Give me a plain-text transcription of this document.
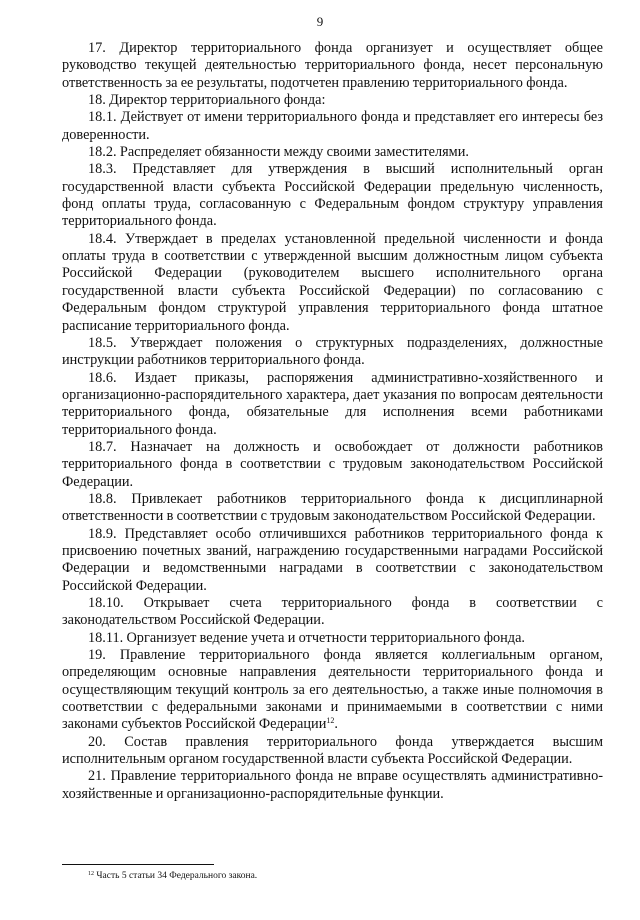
9

17. Директор территориального фонда организует и осуществляет общее руководство текущей деятельностью территориального фонда, несет персональную ответственность за ее результаты, подотчетен правлению территориального фонда.

18. Директор территориального фонда:

18.1. Действует от имени территориального фонда и представляет его интересы без доверенности.

18.2. Распределяет обязанности между своими заместителями.

18.3. Представляет для утверждения в высший исполнительный орган государственной власти субъекта Российской Федерации предельную численность, фонд оплаты труда, согласованную с Федеральным фондом структуру управления территориального фонда.

18.4. Утверждает в пределах установленной предельной численности и фонда оплаты труда в соответствии с утвержденной высшим должностным лицом субъекта Российской Федерации (руководителем высшего исполнительного органа государственной власти субъекта Российской Федерации) по согласованию с Федеральным фондом структурой управления территориального фонда штатное расписание территориального фонда.

18.5. Утверждает положения о структурных подразделениях, должностные инструкции работников территориального фонда.

18.6. Издает приказы, распоряжения административно-хозяйственного и организационно-распорядительного характера, дает указания по вопросам деятельности территориального фонда, обязательные для исполнения всеми работниками территориального фонда.

18.7. Назначает на должность и освобождает от должности работников территориального фонда в соответствии с трудовым законодательством Российской Федерации.

18.8. Привлекает работников территориального фонда к дисциплинарной ответственности в соответствии с трудовым законодательством Российской Федерации.

18.9. Представляет особо отличившихся работников территориального фонда к присвоению почетных званий, награждению государственными наградами Российской Федерации и ведомственными наградами в соответствии с законодательством Российской Федерации.

18.10. Открывает счета территориального фонда в соответствии с законодательством Российской Федерации.

18.11. Организует ведение учета и отчетности территориального фонда.

19. Правление территориального фонда является коллегиальным органом, определяющим основные направления деятельности территориального фонда и осуществляющим текущий контроль за его деятельностью, а также иные полномочия в соответствии с федеральными законами и принимаемыми в соответствии с ними законами субъектов Российской Федерации$^{12}$.

20. Состав правления территориального фонда утверждается высшим исполнительным органом государственной власти субъекта Российской Федерации.

21. Правление территориального фонда не вправе осуществлять административно-хозяйственные и организационно-распорядительные функции.

$^{12}$ Часть 5 статьи 34 Федерального закона.
